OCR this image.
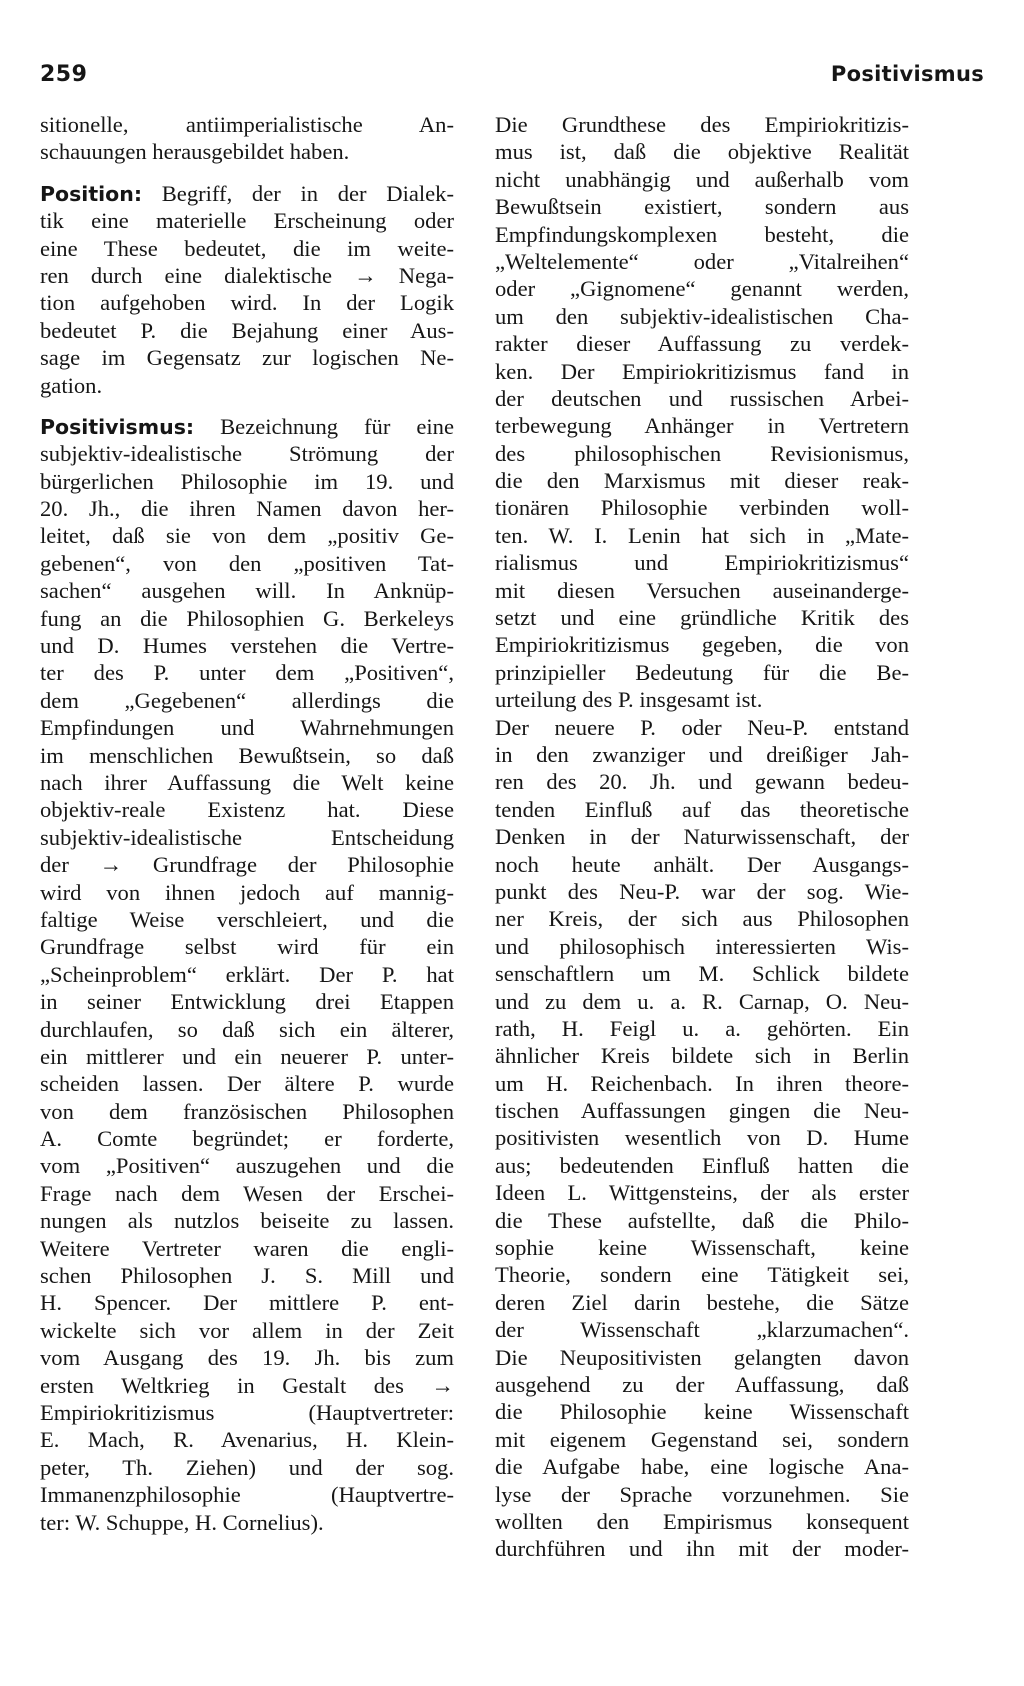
259	Positivismus
sitionelle, antiimperialistische An-
schauungen herausgebildet haben.
Position: Begriff, der in der Dialek-
tik eine materielle Erscheinung oder
eine These bedeutet, die im weite-
ren durch eine dialektische → Nega-
tion aufgehoben wird. In der Logik
bedeutet P. die Bejahung einer Aus-
sage im Gegensatz zur logischen Ne-
gation.
Positivismus: Bezeichnung für eine
subjektiv-idealistische Strömung der
bürgerlichen Philosophie im 19. und
20. Jh., die ihren Namen davon her-
leitet, daß sie von dem „positiv Ge-
gebenen“, von den „positiven Tat-
sachen“ ausgehen will. In Anknüp-
fung an die Philosophien G. Berkeleys
und D. Humes verstehen die Vertre-
ter des P. unter dem „Positiven“,
dem „Gegebenen“ allerdings die
Empfindungen und Wahrnehmungen
im menschlichen Bewußtsein, so daß
nach ihrer Auffassung die Welt keine
objektiv-reale Existenz hat. Diese
subjektiv-idealistische Entscheidung
der → Grundfrage der Philosophie
wird von ihnen jedoch auf mannig-
faltige Weise verschleiert, und die
Grundfrage selbst wird für ein
„Scheinproblem“ erklärt. Der P. hat
in seiner Entwicklung drei Etappen
durchlaufen, so daß sich ein älterer,
ein mittlerer und ein neuerer P. unter-
scheiden lassen. Der ältere P. wurde
von dem französischen Philosophen
A. Comte begründet; er forderte,
vom „Positiven“ auszugehen und die
Frage nach dem Wesen der Erschei-
nungen als nutzlos beiseite zu lassen.
Weitere Vertreter waren die engli-
schen Philosophen J. S. Mill und
H. Spencer. Der mittlere P. ent-
wickelte sich vor allem in der Zeit
vom Ausgang des 19. Jh. bis zum
ersten Weltkrieg in Gestalt des →
Empiriokritizismus (Hauptvertreter:
E. Mach, R. Avenarius, H. Klein-
peter, Th. Ziehen) und der sog.
Immanenzphilosophie (Hauptvertre-
ter: W. Schuppe, H. Cornelius).
Die Grundthese des Empiriokritizis-
mus ist, daß die objektive Realität
nicht unabhängig und außerhalb vom
Bewußtsein existiert, sondern aus
Empfindungskomplexen besteht, die
„Weltelemente“ oder „Vitalreihen“
oder „Gignomene“ genannt werden,
um den subjektiv-idealistischen Cha-
rakter dieser Auffassung zu verdek-
ken. Der Empiriokritizismus fand in
der deutschen und russischen Arbei-
terbewegung Anhänger in Vertretern
des philosophischen Revisionismus,
die den Marxismus mit dieser reak-
tionären Philosophie verbinden woll-
ten. W. I. Lenin hat sich in „Mate-
rialismus und Empiriokritizismus“
mit diesen Versuchen auseinanderge-
setzt und eine gründliche Kritik des
Empiriokritizismus gegeben, die von
prinzipieller Bedeutung für die Be-
urteilung des P. insgesamt ist.
Der neuere P. oder Neu-P. entstand
in den zwanziger und dreißiger Jah-
ren des 20. Jh. und gewann bedeu-
tenden Einfluß auf das theoretische
Denken in der Naturwissenschaft, der
noch heute anhält. Der Ausgangs-
punkt des Neu-P. war der sog. Wie-
ner Kreis, der sich aus Philosophen
und philosophisch interessierten Wis-
senschaftlern um M. Schlick bildete
und zu dem u. a. R. Carnap, O. Neu-
rath, H. Feigl u. a. gehörten. Ein
ähnlicher Kreis bildete sich in Berlin
um H. Reichenbach. In ihren theore-
tischen Auffassungen gingen die Neu-
positivisten wesentlich von D. Hume
aus; bedeutenden Einfluß hatten die
Ideen L. Wittgensteins, der als erster
die These aufstellte, daß die Philo-
sophie keine Wissenschaft, keine
Theorie, sondern eine Tätigkeit sei,
deren Ziel darin bestehe, die Sätze
der Wissenschaft „klarzumachen“.
Die Neupositivisten gelangten davon
ausgehend zu der Auffassung, daß
die Philosophie keine Wissenschaft
mit eigenem Gegenstand sei, sondern
die Aufgabe habe, eine logische Ana-
lyse der Sprache vorzunehmen. Sie
wollten den Empirismus konsequent
durchführen und ihn mit der moder-
